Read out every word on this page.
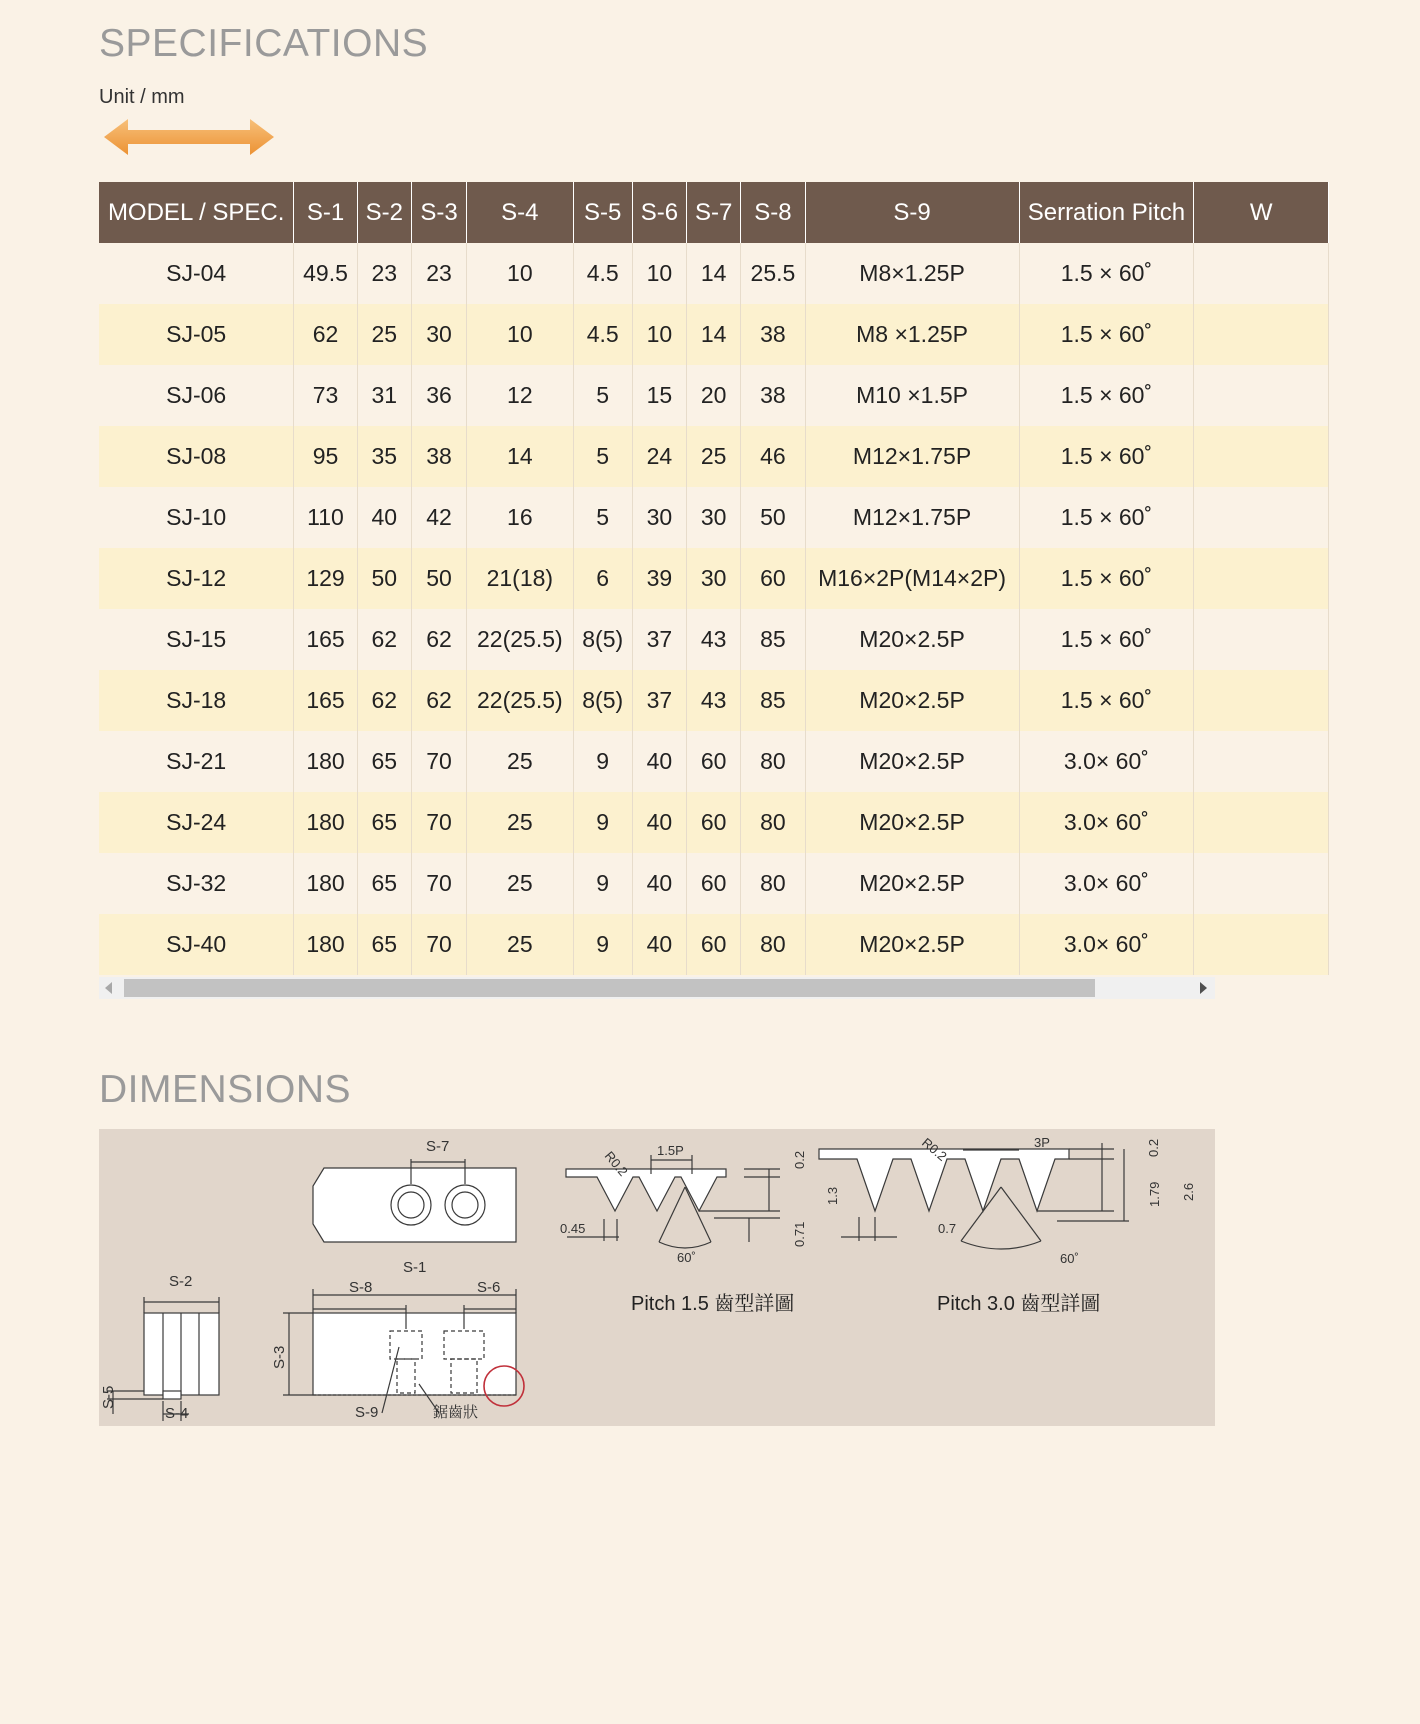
SPECIFICATIONS
Unit / mm
MODEL / SPEC.	S-1	S-2	S-3	S-4	S-5	S-6	S-7	S-8	S-9	Serration Pitch	W
SJ-04	49.5	23	23	10	4.5	10	14	25.5	M8×1.25P	1.5 × 60˚	
SJ-05	62	25	30	10	4.5	10	14	38	M8 ×1.25P	1.5 × 60˚	
SJ-06	73	31	36	12	5	15	20	38	M10 ×1.5P	1.5 × 60˚	
SJ-08	95	35	38	14	5	24	25	46	M12×1.75P	1.5 × 60˚	
SJ-10	110	40	42	16	5	30	30	50	M12×1.75P	1.5 × 60˚	
SJ-12	129	50	50	21(18)	6	39	30	60	M16×2P(M14×2P)	1.5 × 60˚	
SJ-15	165	62	62	22(25.5)	8(5)	37	43	85	M20×2.5P	1.5 × 60˚	
SJ-18	165	62	62	22(25.5)	8(5)	37	43	85	M20×2.5P	1.5 × 60˚	
SJ-21	180	65	70	25	9	40	60	80	M20×2.5P	3.0× 60˚	
SJ-24	180	65	70	25	9	40	60	80	M20×2.5P	3.0× 60˚	
SJ-32	180	65	70	25	9	40	60	80	M20×2.5P	3.0× 60˚	
SJ-40	180	65	70	25	9	40	60	80	M20×2.5P	3.0× 60˚	
DIMENSIONS
S-2
S-5
S-4
S-7
S-1
S-8	S-6
S-3
S-9	鋸齒狀
R0.2 1.5P
0.2
1.3
0.71
0.45
60˚
R0.2	3P	0.2
1.79 2.6
0.7
60˚
Pitch 1.5 齒型詳圖	Pitch 3.0 齒型詳圖
